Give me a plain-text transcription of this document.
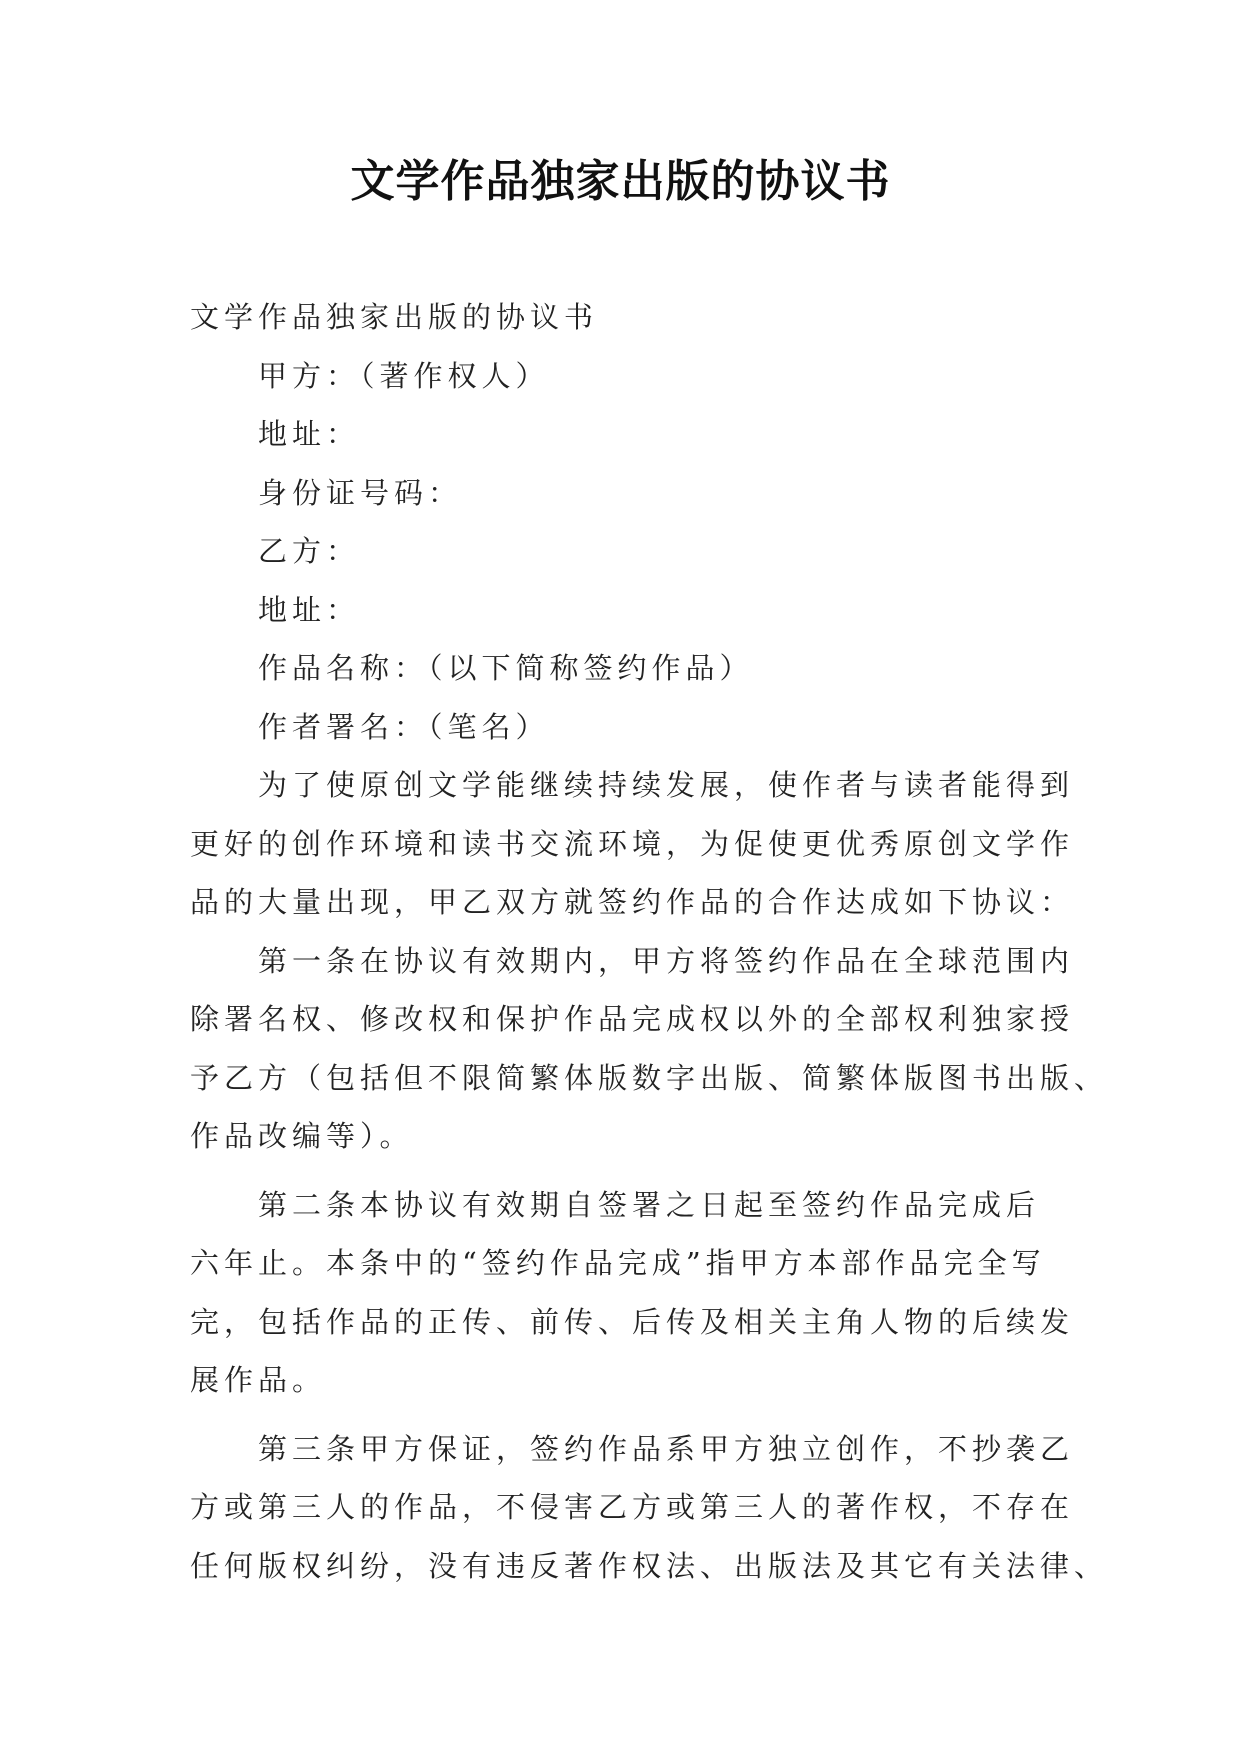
文学作品独家出版的协议书

文学作品独家出版的协议书

甲方：（著作权人）

地址：

身份证号码：

乙方：

地址：

作品名称：（以下简称签约作品）

作者署名：（笔名）

为了使原创文学能继续持续发展，使作者与读者能得到

更好的创作环境和读书交流环境，为促使更优秀原创文学作

品的大量出现，甲乙双方就签约作品的合作达成如下协议：

第一条在协议有效期内，甲方将签约作品在全球范围内

除署名权、修改权和保护作品完成权以外的全部权利独家授

予乙方（包括但不限简繁体版数字出版、简繁体版图书出版、

作品改编等）。

第二条本协议有效期自签署之日起至签约作品完成后

六年止。本条中的“签约作品完成”指甲方本部作品完全写

完，包括作品的正传、前传、后传及相关主角人物的后续发

展作品。

第三条甲方保证，签约作品系甲方独立创作，不抄袭乙

方或第三人的作品，不侵害乙方或第三人的著作权，不存在

任何版权纠纷，没有违反著作权法、出版法及其它有关法律、
